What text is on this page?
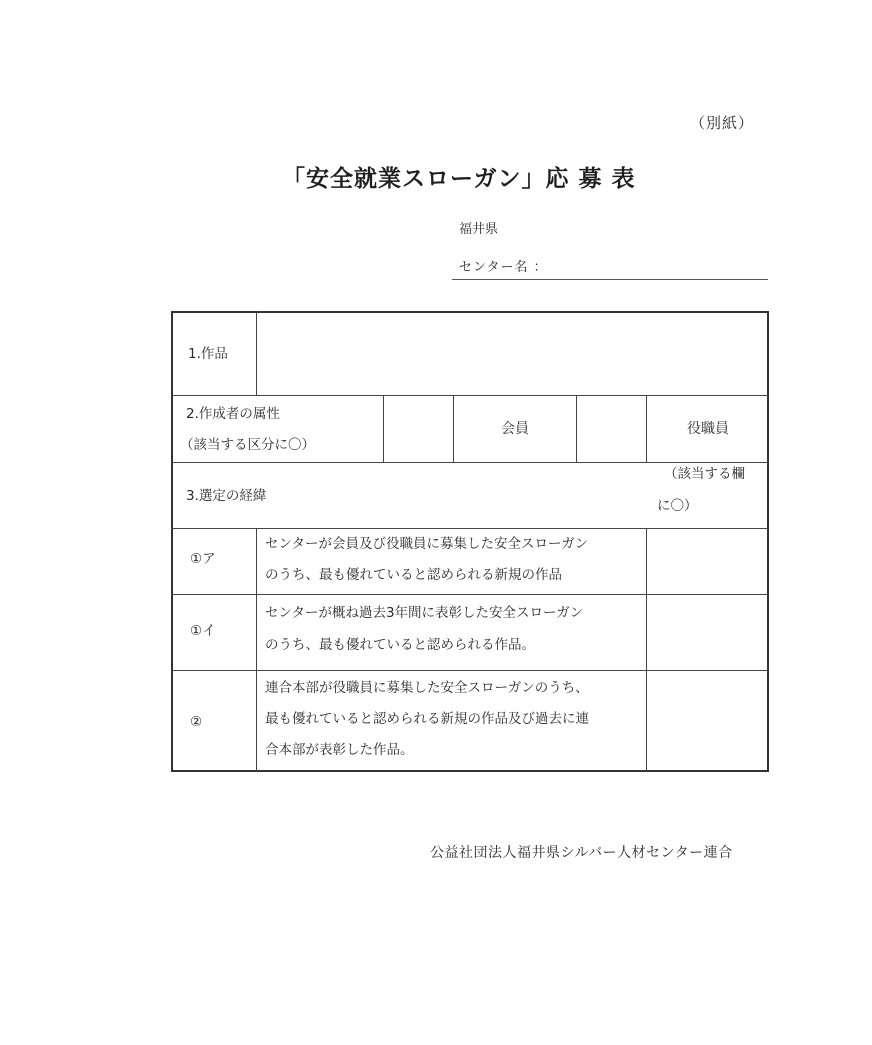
（別紙）
「安全就業スローガン」応 募 表
福井県
センター名 ：
1.作品
2.作成者の属性
（該当する区分に〇）
会員	役職員
3.選定の経緯
（該当する欄
に〇）
①ア
センターが会員及び役職員に募集した安全スローガン
のうち、最も優れていると認められる新規の作品
①イ
センターが概ね過去3年間に表彰した安全スローガン
のうち、最も優れていると認められる作品。
②
連合本部が役職員に募集した安全スローガンのうち、
最も優れていると認められる新規の作品及び過去に連
合本部が表彰した作品。
公益社団法人福井県シルバー人材センター連合
